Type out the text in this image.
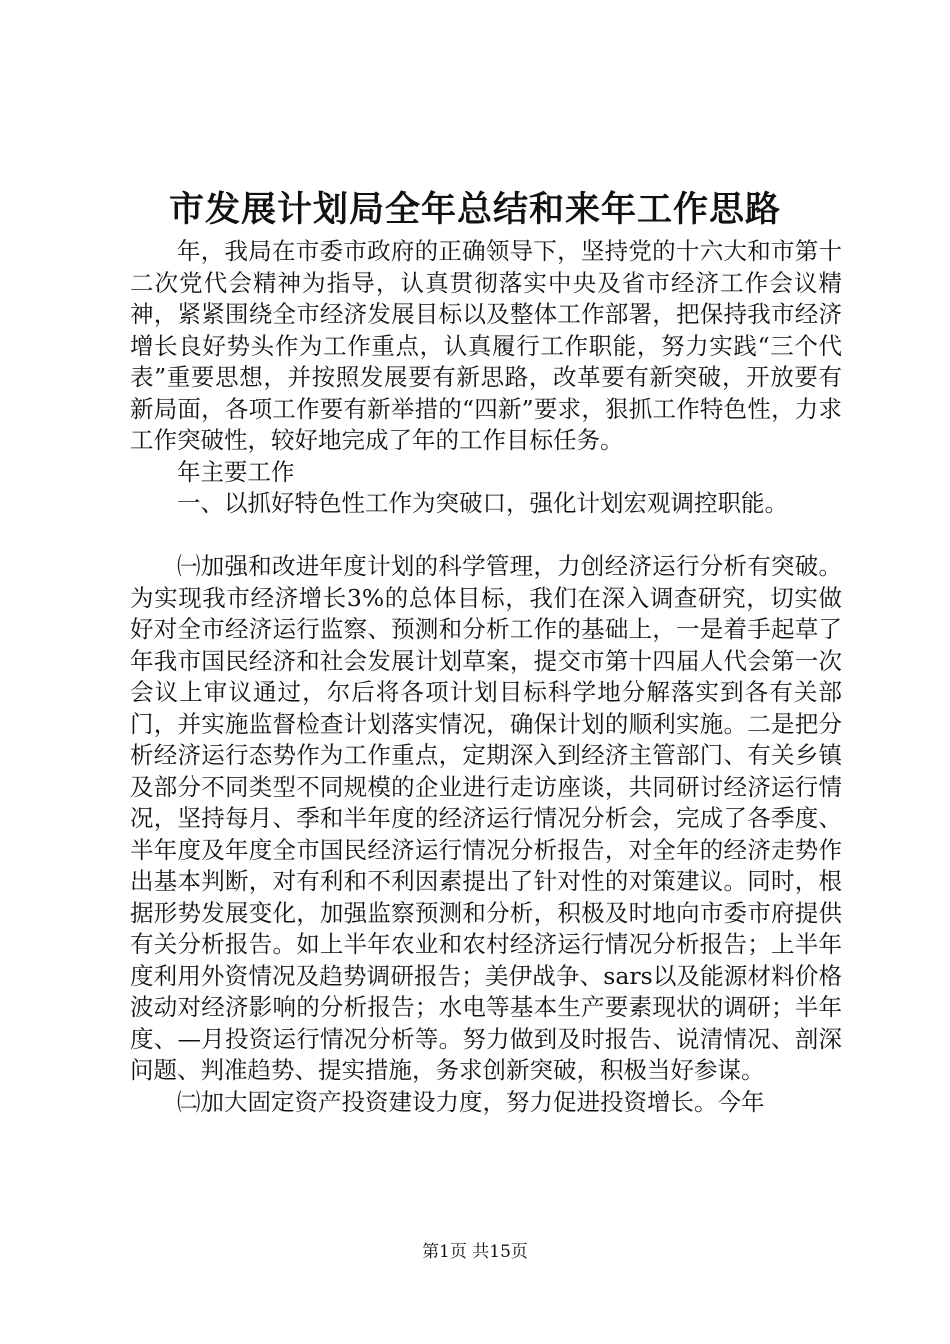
市发展计划局全年总结和来年工作思路

年，我局在市委市政府的正确领导下，坚持党的十六大和市第十二次党代会精神为指导，认真贯彻落实中央及省市经济工作会议精神，紧紧围绕全市经济发展目标以及整体工作部署，把保持我市经济增长良好势头作为工作重点，认真履行工作职能，努力实践“三个代表”重要思想，并按照发展要有新思路，改革要有新突破，开放要有新局面，各项工作要有新举措的“四新”要求，狠抓工作特色性，力求工作突破性，较好地完成了年的工作目标任务。

年主要工作

一、以抓好特色性工作为突破口，强化计划宏观调控职能。

㈠加强和改进年度计划的科学管理，力创经济运行分析有突破。为实现我市经济增长3%的总体目标，我们在深入调查研究，切实做好对全市经济运行监察、预测和分析工作的基础上，一是着手起草了年我市国民经济和社会发展计划草案，提交市第十四届人代会第一次会议上审议通过，尔后将各项计划目标科学地分解落实到各有关部门，并实施监督检查计划落实情况，确保计划的顺利实施。二是把分析经济运行态势作为工作重点，定期深入到经济主管部门、有关乡镇及部分不同类型不同规模的企业进行走访座谈，共同研讨经济运行情况，坚持每月、季和半年度的经济运行情况分析会，完成了各季度、半年度及年度全市国民经济运行情况分析报告，对全年的经济走势作出基本判断，对有利和不利因素提出了针对性的对策建议。同时，根据形势发展变化，加强监察预测和分析，积极及时地向市委市府提供有关分析报告。如上半年农业和农村经济运行情况分析报告；上半年度利用外资情况及趋势调研报告；美伊战争、sars以及能源材料价格波动对经济影响的分析报告；水电等基本生产要素现状的调研；半年度、—月投资运行情况分析等。努力做到及时报告、说清情况、剖深问题、判准趋势、提实措施，务求创新突破，积极当好参谋。

㈡加大固定资产投资建设力度，努力促进投资增长。今年

第1页 共15页
